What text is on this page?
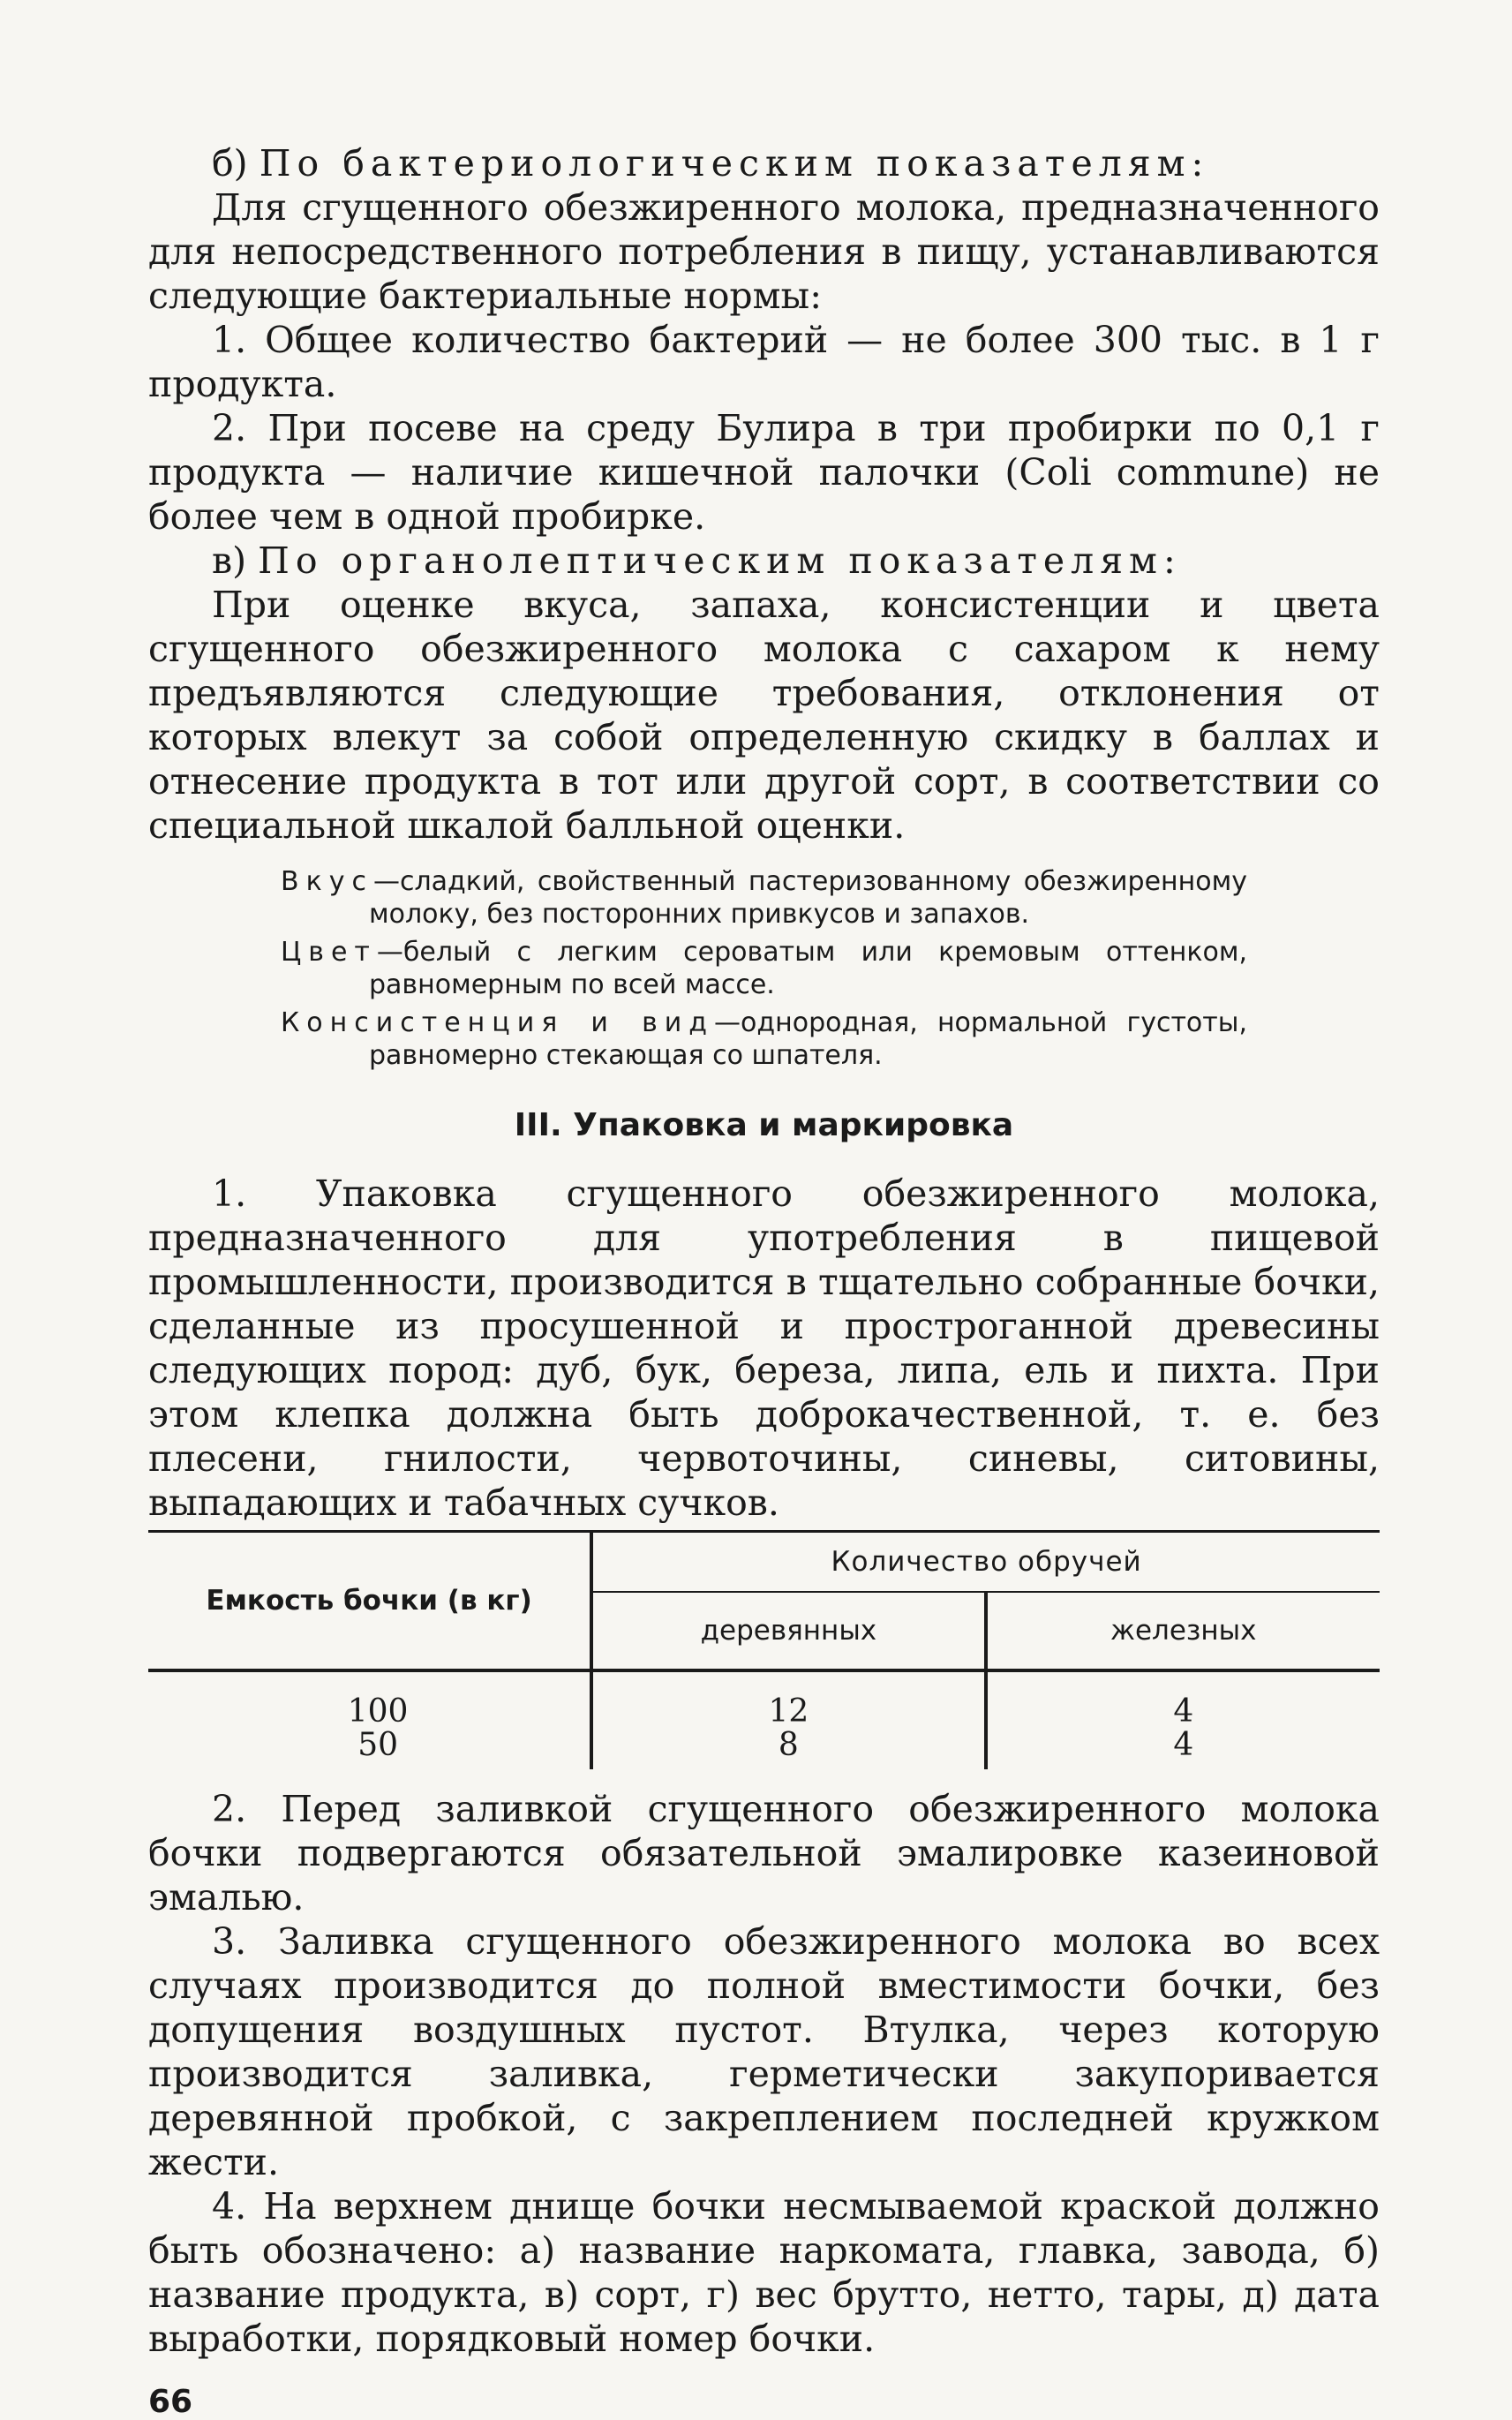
б) По бактериологическим показателям:

Для сгущенного обезжиренного молока, предназначенного для непосредственного потребления в пищу, устанавливаются следующие бактериальные нормы:

1. Общее количество бактерий — не более 300 тыс. в 1 г продукта.

2. При посеве на среду Булира в три пробирки по 0,1 г продукта — наличие кишечной палочки (Coli commune) не более чем в одной пробирке.

в) По органолептическим показателям:

При оценке вкуса, запаха, консистенции и цвета сгущенного обезжиренного молока с сахаром к нему предъявляются следующие требования, отклонения от которых влекут за собой определенную скидку в баллах и отнесение продукта в тот или другой сорт, в соответствии со специальной шкалой балльной оценки.

Вкус—сладкий, свойственный пастеризованному обезжиренному молоку, без посторонних привкусов и запахов.

Цвет—белый с легким сероватым или кремовым оттенком, равномерным по всей массе.

Консистенция и вид—однородная, нормальной густоты, равномерно стекающая со шпателя.

III. Упаковка и маркировка

1. Упаковка сгущенного обезжиренного молока, предназначенного для употребления в пищевой промышленности, производится в тщательно собранные бочки, сделанные из просушенной и простроганной древесины следующих пород: дуб, бук, береза, липа, ель и пихта. При этом клепка должна быть доброкачественной, т. е. без плесени, гнилости, червоточины, синевы, ситовины, выпадающих и табачных сучков.

Емкость бочки (в кг)	Количество обручей	
	деревянных	железных

100	12	4
50	8	4

2. Перед заливкой сгущенного обезжиренного молока бочки подвергаются обязательной эмалировке казеиновой эмалью.

3. Заливка сгущенного обезжиренного молока во всех случаях производится до полной вместимости бочки, без допущения воздушных пустот. Втулка, через которую производится заливка, герметически закупоривается деревянной пробкой, с закреплением последней кружком жести.

4. На верхнем днище бочки несмываемой краской должно быть обозначено: а) название наркомата, главка, завода, б) название продукта, в) сорт, г) вес брутто, нетто, тары, д) дата выработки, порядковый номер бочки.

66
